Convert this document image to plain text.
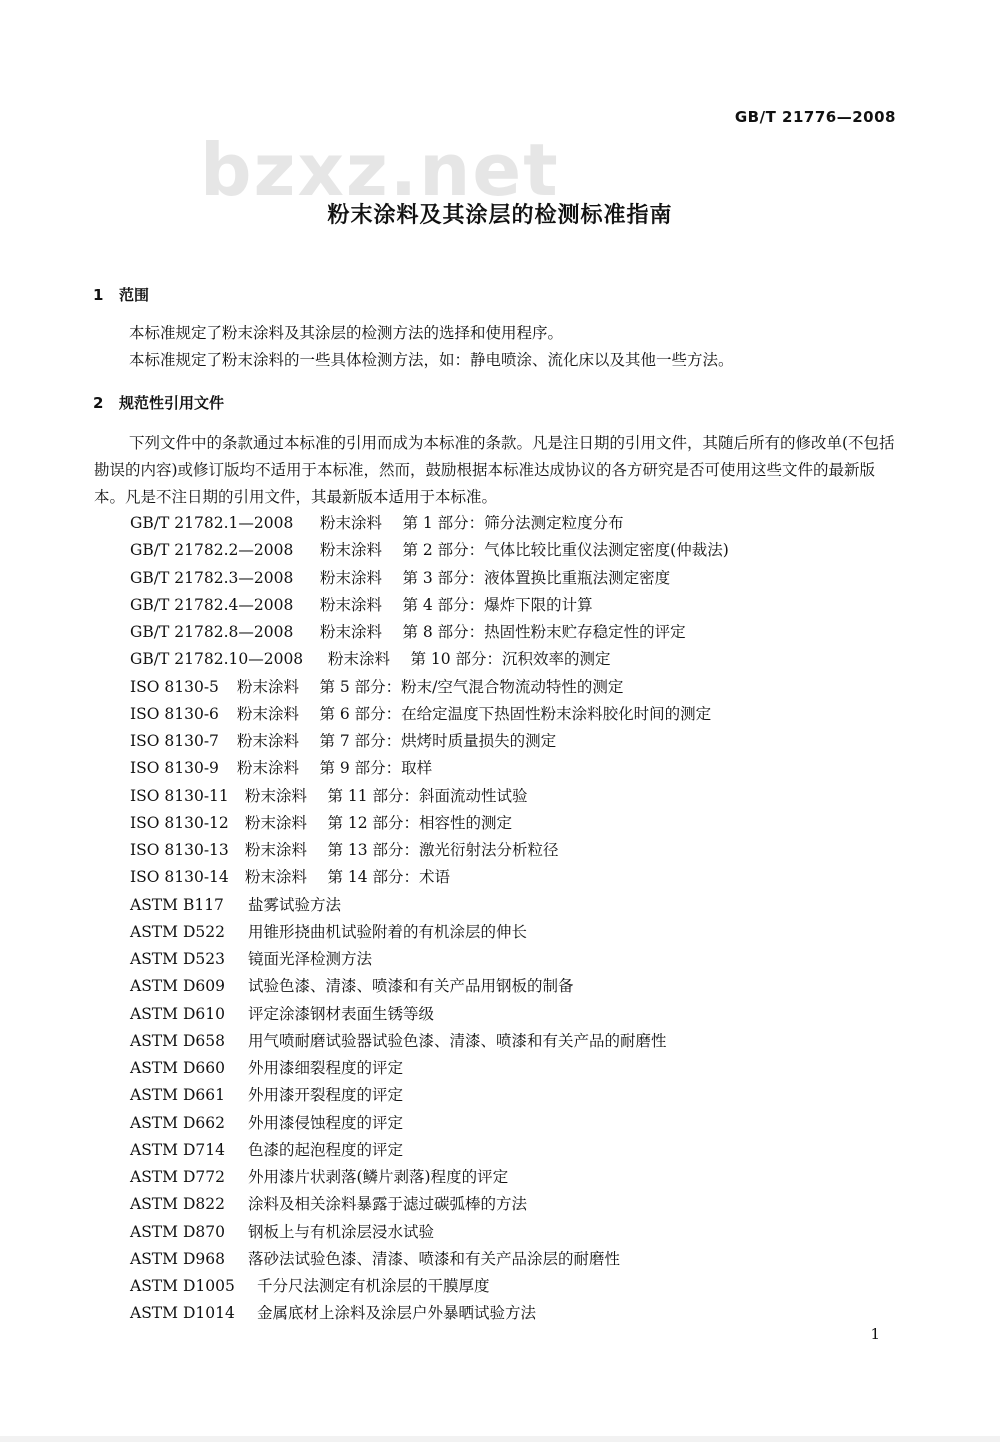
bzxz.net
GB/T 21776—2008
粉末涂料及其涂层的检测标准指南
1 范围

本标准规定了粉末涂料及其涂层的检测方法的选择和使用程序。

本标准规定了粉末涂料的一些具体检测方法，如：静电喷涂、流化床以及其他一些方法。

2 规范性引用文件

下列文件中的条款通过本标准的引用而成为本标准的条款。凡是注日期的引用文件，其随后所有的修改单(不包括勘误的内容)或修订版均不适用于本标准，然而，鼓励根据本标准达成协议的各方研究是否可使用这些文件的最新版本。凡是不注日期的引用文件，其最新版本适用于本标准。

GB/T 21782.1—2008 粉末涂料　 第 1 部分：筛分法测定粒度分布
GB/T 21782.2—2008 粉末涂料　 第 2 部分：气体比较比重仪法测定密度(仲裁法)
GB/T 21782.3—2008 粉末涂料　 第 3 部分：液体置换比重瓶法测定密度
GB/T 21782.4—2008 粉末涂料　 第 4 部分：爆炸下限的计算
GB/T 21782.8—2008 粉末涂料　 第 8 部分：热固性粉末贮存稳定性的评定
GB/T 21782.10—2008 粉末涂料　 第 10 部分：沉积效率的测定
ISO 8130-5 粉末涂料　 第 5 部分：粉末/空气混合物流动特性的测定
ISO 8130-6 粉末涂料　 第 6 部分：在给定温度下热固性粉末涂料胶化时间的测定
ISO 8130-7 粉末涂料　 第 7 部分：烘烤时质量损失的测定
ISO 8130-9 粉末涂料　 第 9 部分：取样
ISO 8130-11 粉末涂料　 第 11 部分：斜面流动性试验
ISO 8130-12 粉末涂料　 第 12 部分：相容性的测定
ISO 8130-13 粉末涂料　 第 13 部分：激光衍射法分析粒径
ISO 8130-14 粉末涂料　 第 14 部分：术语
ASTM B117 盐雾试验方法
ASTM D522 用锥形挠曲机试验附着的有机涂层的伸长
ASTM D523 镜面光泽检测方法
ASTM D609 试验色漆、清漆、喷漆和有关产品用钢板的制备
ASTM D610 评定涂漆钢材表面生锈等级
ASTM D658 用气喷耐磨试验器试验色漆、清漆、喷漆和有关产品的耐磨性
ASTM D660 外用漆细裂程度的评定
ASTM D661 外用漆开裂程度的评定
ASTM D662 外用漆侵蚀程度的评定
ASTM D714 色漆的起泡程度的评定
ASTM D772 外用漆片状剥落(鳞片剥落)程度的评定
ASTM D822 涂料及相关涂料暴露于滤过碳弧棒的方法
ASTM D870 钢板上与有机涂层浸水试验
ASTM D968 落砂法试验色漆、清漆、喷漆和有关产品涂层的耐磨性
ASTM D1005 千分尺法测定有机涂层的干膜厚度
ASTM D1014 金属底材上涂料及涂层户外暴晒试验方法
1
